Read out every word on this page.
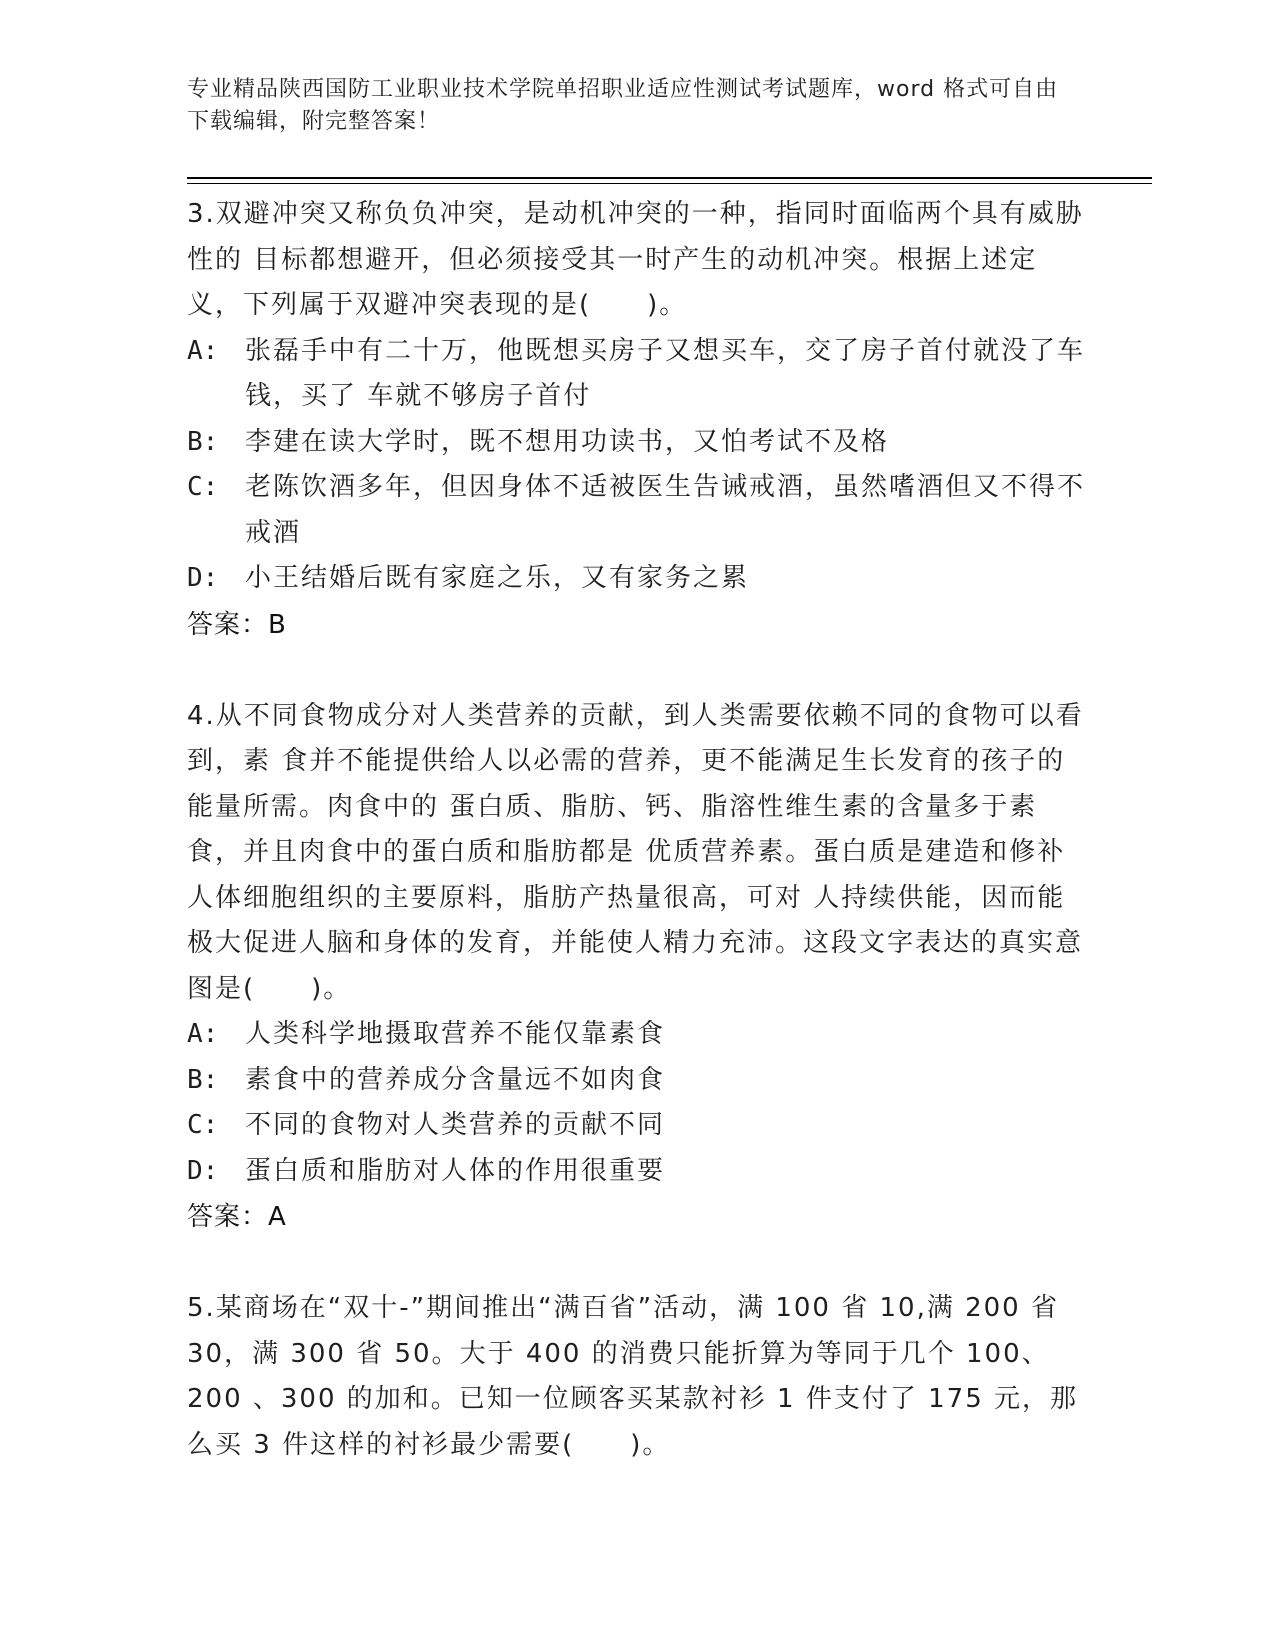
专业精品陕西国防工业职业技术学院单招职业适应性测试考试题库，word 格式可自由下载编辑，附完整答案！
3.双避冲突又称负负冲突，是动机冲突的一种，指同时面临两个具有威胁性的 目标都想避开，但必须接受其一时产生的动机冲突。根据上述定义，下列属于双避冲突表现的是(　　)。
A:	张磊手中有二十万，他既想买房子又想买车，交了房子首付就没了车钱，买了 车就不够房子首付
B:	李建在读大学时，既不想用功读书，又怕考试不及格
C:	老陈饮酒多年，但因身体不适被医生告诫戒酒，虽然嗜酒但又不得不戒酒
D:	小王结婚后既有家庭之乐，又有家务之累
答案：B
4.从不同食物成分对人类营养的贡献，到人类需要依赖不同的食物可以看到，素 食并不能提供给人以必需的营养，更不能满足生长发育的孩子的能量所需。肉食中的 蛋白质、脂肪、钙、脂溶性维生素的含量多于素食，并且肉食中的蛋白质和脂肪都是 优质营养素。蛋白质是建造和修补人体细胞组织的主要原料，脂肪产热量很高，可对 人持续供能，因而能极大促进人脑和身体的发育，并能使人精力充沛。这段文字表达的真实意图是(　　)。
A:	人类科学地摄取营养不能仅靠素食
B:	素食中的营养成分含量远不如肉食
C:	不同的食物对人类营养的贡献不同
D:	蛋白质和脂肪对人体的作用很重要
答案：A
5.某商场在“双十-”期间推出“满百省”活动，满 100 省 10,满 200 省 30，满 300 省 50。大于 400 的消费只能折算为等同于几个 100、200 、300 的加和。已知一位顾客买某款衬衫 1 件支付了 175 元，那么买 3 件这样的衬衫最少需要(　　)。
